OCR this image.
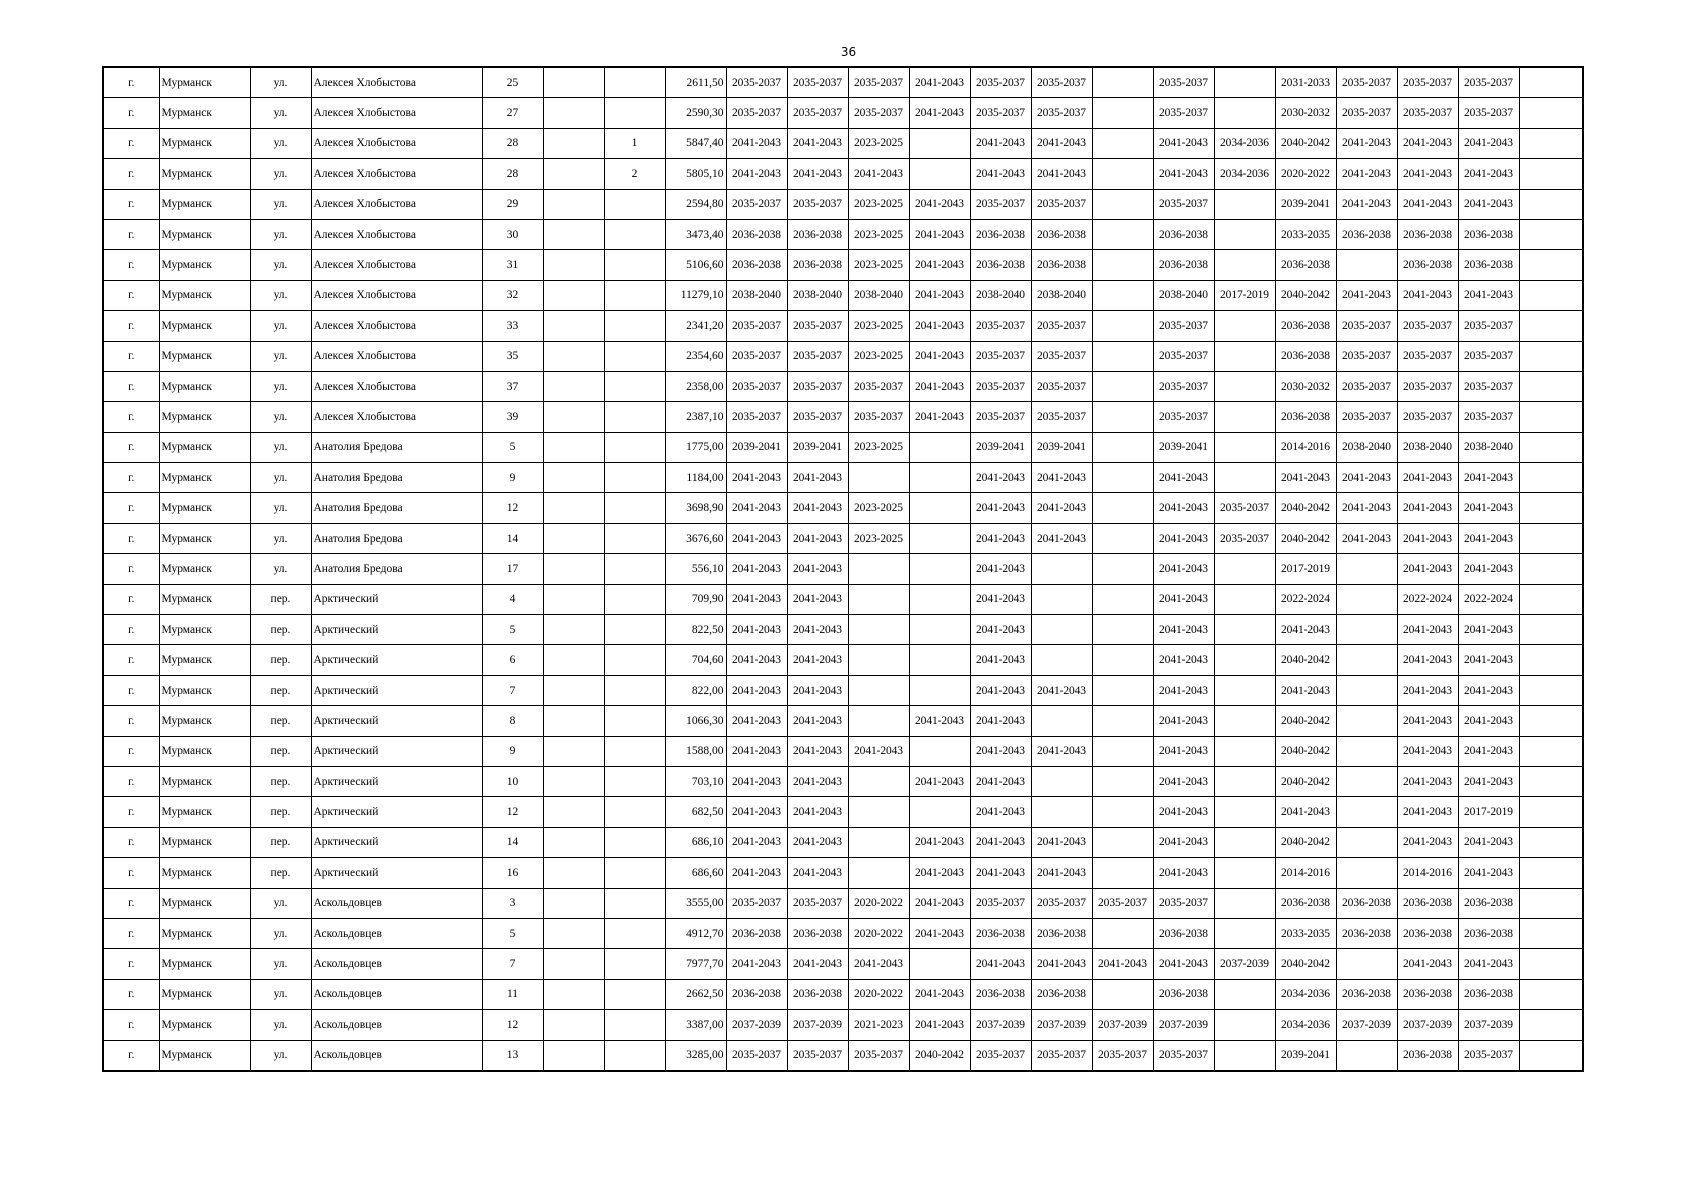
36
г.	Мурманск	ул.	Алексея Хлобыстова	25			2611,50	2035-2037	2035-2037	2035-2037	2041-2043	2035-2037	2035-2037		2035-2037		2031-2033	2035-2037	2035-2037	2035-2037	
г.	Мурманск	ул.	Алексея Хлобыстова	27			2590,30	2035-2037	2035-2037	2035-2037	2041-2043	2035-2037	2035-2037		2035-2037		2030-2032	2035-2037	2035-2037	2035-2037	
г.	Мурманск	ул.	Алексея Хлобыстова	28		1	5847,40	2041-2043	2041-2043	2023-2025		2041-2043	2041-2043		2041-2043	2034-2036	2040-2042	2041-2043	2041-2043	2041-2043	
г.	Мурманск	ул.	Алексея Хлобыстова	28		2	5805,10	2041-2043	2041-2043	2041-2043		2041-2043	2041-2043		2041-2043	2034-2036	2020-2022	2041-2043	2041-2043	2041-2043	
г.	Мурманск	ул.	Алексея Хлобыстова	29			2594,80	2035-2037	2035-2037	2023-2025	2041-2043	2035-2037	2035-2037		2035-2037		2039-2041	2041-2043	2041-2043	2041-2043	
г.	Мурманск	ул.	Алексея Хлобыстова	30			3473,40	2036-2038	2036-2038	2023-2025	2041-2043	2036-2038	2036-2038		2036-2038		2033-2035	2036-2038	2036-2038	2036-2038	
г.	Мурманск	ул.	Алексея Хлобыстова	31			5106,60	2036-2038	2036-2038	2023-2025	2041-2043	2036-2038	2036-2038		2036-2038		2036-2038		2036-2038	2036-2038	
г.	Мурманск	ул.	Алексея Хлобыстова	32			11279,10	2038-2040	2038-2040	2038-2040	2041-2043	2038-2040	2038-2040		2038-2040	2017-2019	2040-2042	2041-2043	2041-2043	2041-2043	
г.	Мурманск	ул.	Алексея Хлобыстова	33			2341,20	2035-2037	2035-2037	2023-2025	2041-2043	2035-2037	2035-2037		2035-2037		2036-2038	2035-2037	2035-2037	2035-2037	
г.	Мурманск	ул.	Алексея Хлобыстова	35			2354,60	2035-2037	2035-2037	2023-2025	2041-2043	2035-2037	2035-2037		2035-2037		2036-2038	2035-2037	2035-2037	2035-2037	
г.	Мурманск	ул.	Алексея Хлобыстова	37			2358,00	2035-2037	2035-2037	2035-2037	2041-2043	2035-2037	2035-2037		2035-2037		2030-2032	2035-2037	2035-2037	2035-2037	
г.	Мурманск	ул.	Алексея Хлобыстова	39			2387,10	2035-2037	2035-2037	2035-2037	2041-2043	2035-2037	2035-2037		2035-2037		2036-2038	2035-2037	2035-2037	2035-2037	
г.	Мурманск	ул.	Анатолия Бредова	5			1775,00	2039-2041	2039-2041	2023-2025		2039-2041	2039-2041		2039-2041		2014-2016	2038-2040	2038-2040	2038-2040	
г.	Мурманск	ул.	Анатолия Бредова	9			1184,00	2041-2043	2041-2043			2041-2043	2041-2043		2041-2043		2041-2043	2041-2043	2041-2043	2041-2043	
г.	Мурманск	ул.	Анатолия Бредова	12			3698,90	2041-2043	2041-2043	2023-2025		2041-2043	2041-2043		2041-2043	2035-2037	2040-2042	2041-2043	2041-2043	2041-2043	
г.	Мурманск	ул.	Анатолия Бредова	14			3676,60	2041-2043	2041-2043	2023-2025		2041-2043	2041-2043		2041-2043	2035-2037	2040-2042	2041-2043	2041-2043	2041-2043	
г.	Мурманск	ул.	Анатолия Бредова	17			556,10	2041-2043	2041-2043			2041-2043			2041-2043		2017-2019		2041-2043	2041-2043	
г.	Мурманск	пер.	Арктический	4			709,90	2041-2043	2041-2043			2041-2043			2041-2043		2022-2024		2022-2024	2022-2024	
г.	Мурманск	пер.	Арктический	5			822,50	2041-2043	2041-2043			2041-2043			2041-2043		2041-2043		2041-2043	2041-2043	
г.	Мурманск	пер.	Арктический	6			704,60	2041-2043	2041-2043			2041-2043			2041-2043		2040-2042		2041-2043	2041-2043	
г.	Мурманск	пер.	Арктический	7			822,00	2041-2043	2041-2043			2041-2043	2041-2043		2041-2043		2041-2043		2041-2043	2041-2043	
г.	Мурманск	пер.	Арктический	8			1066,30	2041-2043	2041-2043		2041-2043	2041-2043			2041-2043		2040-2042		2041-2043	2041-2043	
г.	Мурманск	пер.	Арктический	9			1588,00	2041-2043	2041-2043	2041-2043		2041-2043	2041-2043		2041-2043		2040-2042		2041-2043	2041-2043	
г.	Мурманск	пер.	Арктический	10			703,10	2041-2043	2041-2043		2041-2043	2041-2043			2041-2043		2040-2042		2041-2043	2041-2043	
г.	Мурманск	пер.	Арктический	12			682,50	2041-2043	2041-2043			2041-2043			2041-2043		2041-2043		2041-2043	2017-2019	
г.	Мурманск	пер.	Арктический	14			686,10	2041-2043	2041-2043		2041-2043	2041-2043	2041-2043		2041-2043		2040-2042		2041-2043	2041-2043	
г.	Мурманск	пер.	Арктический	16			686,60	2041-2043	2041-2043		2041-2043	2041-2043	2041-2043		2041-2043		2014-2016		2014-2016	2041-2043	
г.	Мурманск	ул.	Аскольдовцев	3			3555,00	2035-2037	2035-2037	2020-2022	2041-2043	2035-2037	2035-2037	2035-2037	2035-2037		2036-2038	2036-2038	2036-2038	2036-2038	
г.	Мурманск	ул.	Аскольдовцев	5			4912,70	2036-2038	2036-2038	2020-2022	2041-2043	2036-2038	2036-2038		2036-2038		2033-2035	2036-2038	2036-2038	2036-2038	
г.	Мурманск	ул.	Аскольдовцев	7			7977,70	2041-2043	2041-2043	2041-2043		2041-2043	2041-2043	2041-2043	2041-2043	2037-2039	2040-2042		2041-2043	2041-2043	
г.	Мурманск	ул.	Аскольдовцев	11			2662,50	2036-2038	2036-2038	2020-2022	2041-2043	2036-2038	2036-2038		2036-2038		2034-2036	2036-2038	2036-2038	2036-2038	
г.	Мурманск	ул.	Аскольдовцев	12			3387,00	2037-2039	2037-2039	2021-2023	2041-2043	2037-2039	2037-2039	2037-2039	2037-2039		2034-2036	2037-2039	2037-2039	2037-2039	
г.	Мурманск	ул.	Аскольдовцев	13			3285,00	2035-2037	2035-2037	2035-2037	2040-2042	2035-2037	2035-2037	2035-2037	2035-2037		2039-2041		2036-2038	2035-2037	
